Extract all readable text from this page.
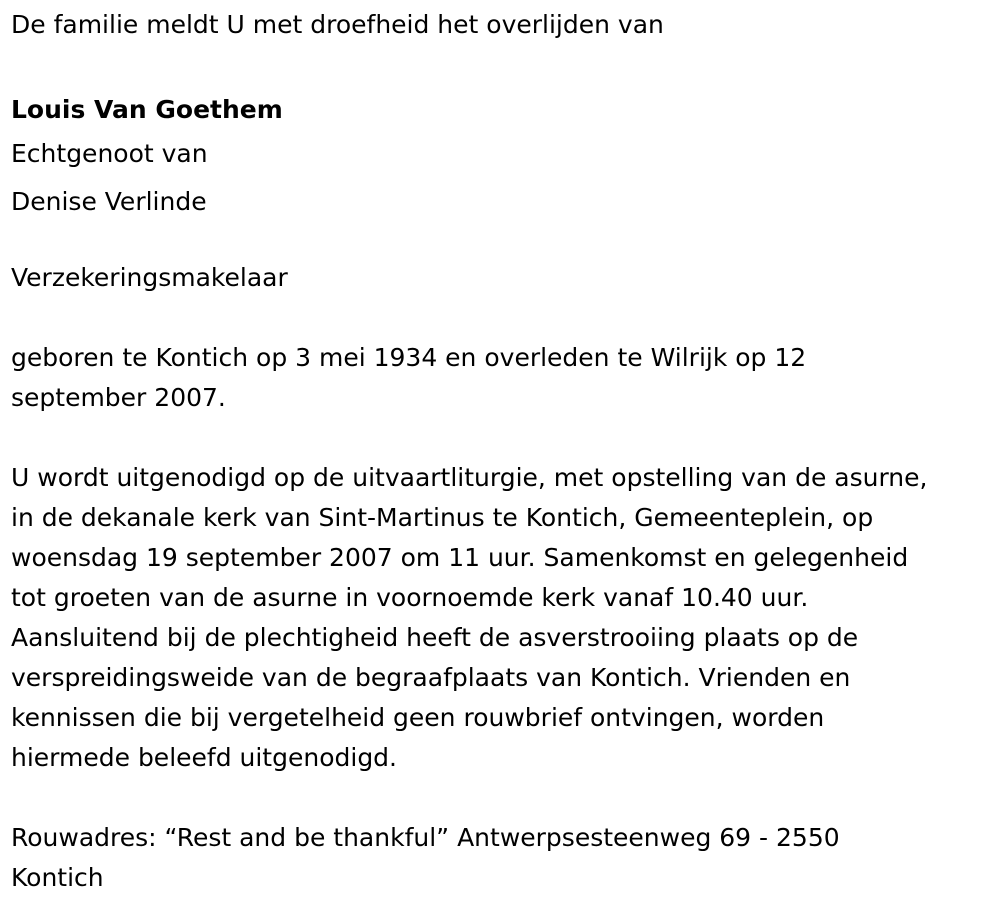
De familie meldt U met droefheid het overlijden van

Louis Van Goethem

Echtgenoot van

Denise Verlinde

Verzekeringsmakelaar

geboren te Kontich op 3 mei 1934 en overleden te Wilrijk op 12

september 2007.

U wordt uitgenodigd op de uitvaartliturgie, met opstelling van de asurne,

in de dekanale kerk van Sint-Martinus te Kontich, Gemeenteplein, op

woensdag 19 september 2007 om 11 uur. Samenkomst en gelegenheid

tot groeten van de asurne in voornoemde kerk vanaf 10.40 uur.

Aansluitend bij de plechtigheid heeft de asverstrooiing plaats op de

verspreidingsweide van de begraafplaats van Kontich. Vrienden en

kennissen die bij vergetelheid geen rouwbrief ontvingen, worden

hiermede beleefd uitgenodigd.

Rouwadres: “Rest and be thankful” Antwerpsesteenweg 69 - 2550

Kontich
